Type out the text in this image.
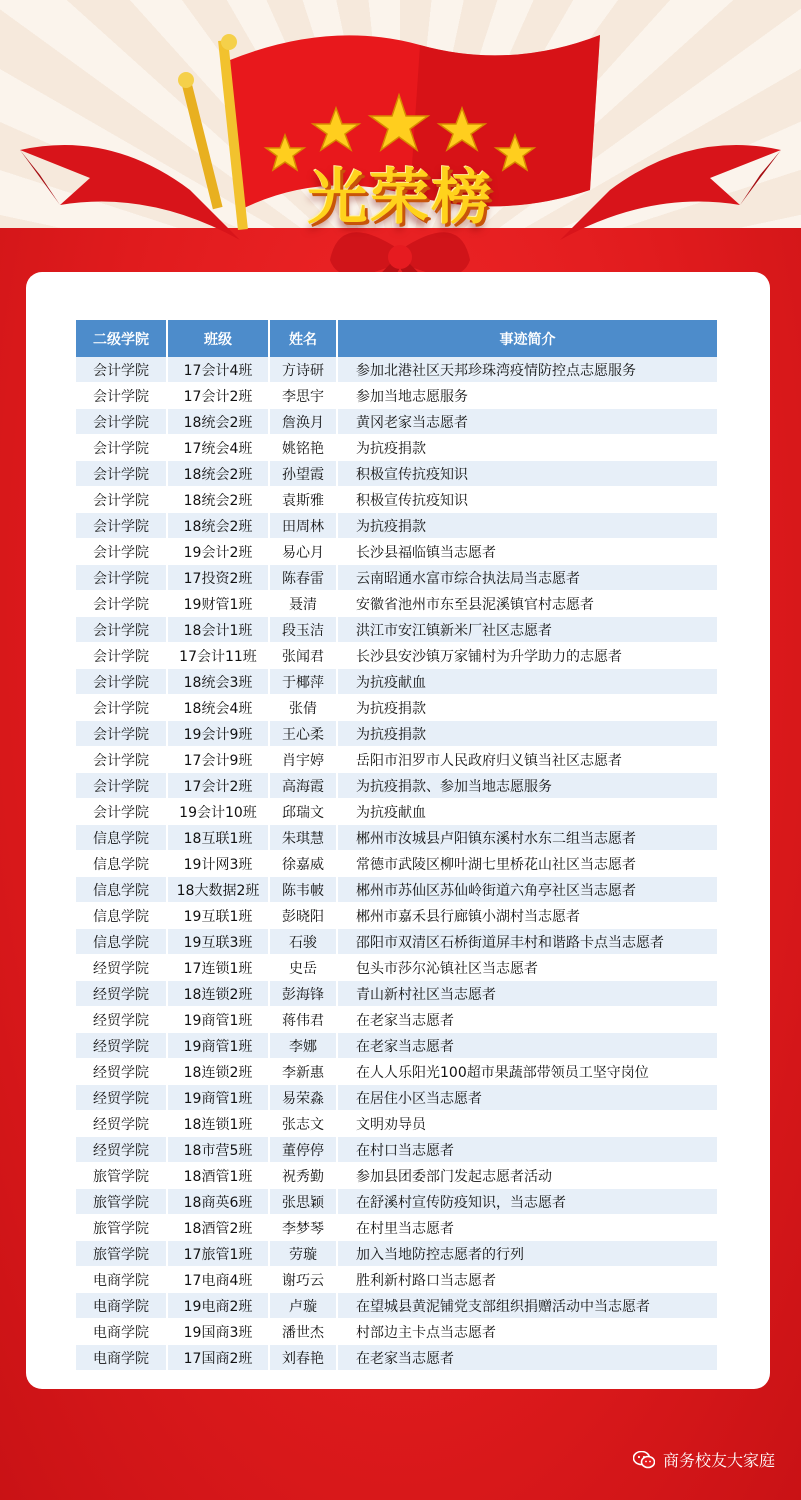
光荣榜
二级学院	班级	姓名	事迹简介
会计学院	17会计4班	方诗研	参加北港社区天邦珍珠湾疫情防控点志愿服务
会计学院	17会计2班	李思宇	参加当地志愿服务
会计学院	18统会2班	詹涣月	黄冈老家当志愿者
会计学院	17统会4班	姚铭艳	为抗疫捐款
会计学院	18统会2班	孙望霞	积极宣传抗疫知识
会计学院	18统会2班	袁斯雅	积极宣传抗疫知识
会计学院	18统会2班	田周林	为抗疫捐款
会计学院	19会计2班	易心月	长沙县福临镇当志愿者
会计学院	17投资2班	陈春雷	云南昭通水富市综合执法局当志愿者
会计学院	19财管1班	聂清	安徽省池州市东至县泥溪镇官村志愿者
会计学院	18会计1班	段玉洁	洪江市安江镇新米厂社区志愿者
会计学院	17会计11班	张闻君	长沙县安沙镇万家铺村为升学助力的志愿者
会计学院	18统会3班	于椰萍	为抗疫献血
会计学院	18统会4班	张倩	为抗疫捐款
会计学院	19会计9班	王心柔	为抗疫捐款
会计学院	17会计9班	肖宇婷	岳阳市汨罗市人民政府归义镇当社区志愿者
会计学院	17会计2班	高海霞	为抗疫捐款、参加当地志愿服务
会计学院	19会计10班	邱瑞文	为抗疫献血
信息学院	18互联1班	朱琪慧	郴州市汝城县卢阳镇东溪村水东二组当志愿者
信息学院	19计网3班	徐嘉威	常德市武陵区柳叶湖七里桥花山社区当志愿者
信息学院	18大数据2班	陈韦帔	郴州市苏仙区苏仙岭街道六角亭社区当志愿者
信息学院	19互联1班	彭晓阳	郴州市嘉禾县行廊镇小湖村当志愿者
信息学院	19互联3班	石骏	邵阳市双清区石桥街道屏丰村和谐路卡点当志愿者
经贸学院	17连锁1班	史岳	包头市莎尔沁镇社区当志愿者
经贸学院	18连锁2班	彭海锋	青山新村社区当志愿者
经贸学院	19商管1班	蒋伟君	在老家当志愿者
经贸学院	19商管1班	李娜	在老家当志愿者
经贸学院	18连锁2班	李新惠	在人人乐阳光100超市果蔬部带领员工坚守岗位
经贸学院	19商管1班	易荣淼	在居住小区当志愿者
经贸学院	18连锁1班	张志文	文明劝导员
经贸学院	18市营5班	董停停	在村口当志愿者
旅管学院	18酒管1班	祝秀勤	参加县团委部门发起志愿者活动
旅管学院	18商英6班	张思颖	在舒溪村宣传防疫知识，当志愿者
旅管学院	18酒管2班	李梦琴	在村里当志愿者
旅管学院	17旅管1班	劳璇	加入当地防控志愿者的行列
电商学院	17电商4班	谢巧云	胜利新村路口当志愿者
电商学院	19电商2班	卢璇	在望城县黄泥铺党支部组织捐赠活动中当志愿者
电商学院	19国商3班	潘世杰	村部边主卡点当志愿者
电商学院	17国商2班	刘春艳	在老家当志愿者
商务校友大家庭
